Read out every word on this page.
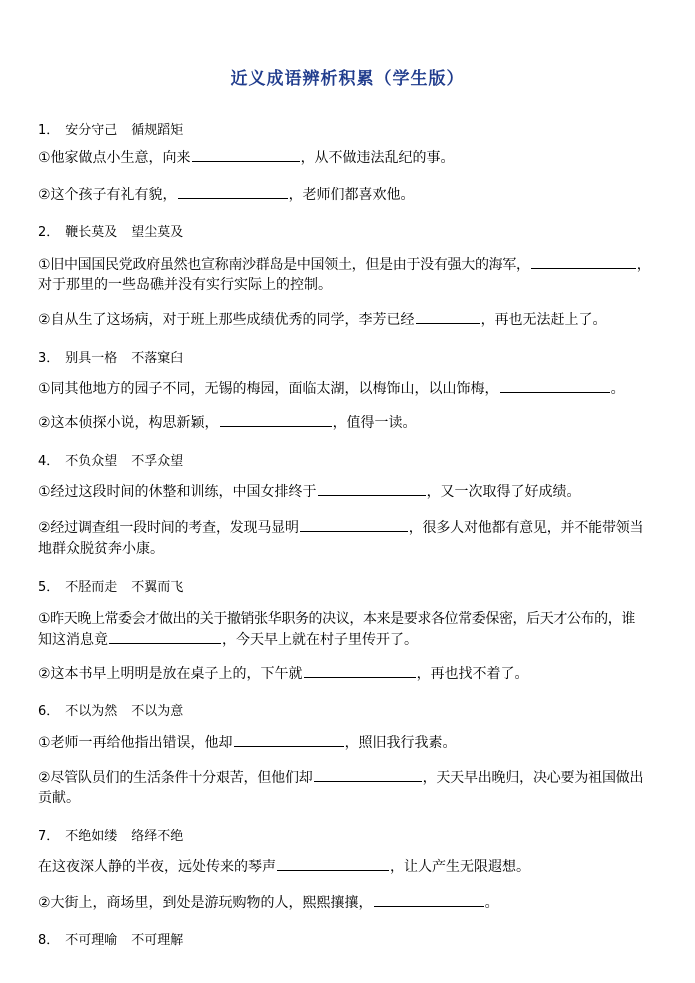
近义成语辨析积累（学生版）
1． 安分守己 循规蹈矩
①他家做点小生意，向来	，从不做违法乱纪的事。
②这个孩子有礼有貌，	，老师们都喜欢他。
2． 鞭长莫及 望尘莫及
①旧中国国民党政府虽然也宣称南沙群岛是中国领土，但是由于没有强大的海军，	，
对于那里的一些岛礁并没有实行实际上的控制。
②自从生了这场病，对于班上那些成绩优秀的同学，李芳已经	，再也无法赶上了。
3． 别具一格 不落窠臼
①同其他地方的园子不同，无锡的梅园，面临太湖，以梅饰山，以山饰梅，	。
②这本侦探小说，构思新颖，	，值得一读。
4． 不负众望 不孚众望
①经过这段时间的休整和训练，中国女排终于	，又一次取得了好成绩。
②经过调查组一段时间的考查，发现马显明	，很多人对他都有意见，并不能带领当
地群众脱贫奔小康。
5． 不胫而走 不翼而飞
①昨天晚上常委会才做出的关于撤销张华职务的决议，本来是要求各位常委保密，后天才公布的，谁
知这消息竟	，今天早上就在村子里传开了。
②这本书早上明明是放在桌子上的，下午就	，再也找不着了。
6． 不以为然 不以为意
①老师一再给他指出错误，他却	，照旧我行我素。
②尽管队员们的生活条件十分艰苦，但他们却	，天天早出晚归，决心要为祖国做出
贡献。
7． 不绝如缕 络绎不绝
在这夜深人静的半夜，远处传来的琴声	，让人产生无限遐想。
②大街上，商场里，到处是游玩购物的人，熙熙攘攘，	。
8． 不可理喻 不可理解
